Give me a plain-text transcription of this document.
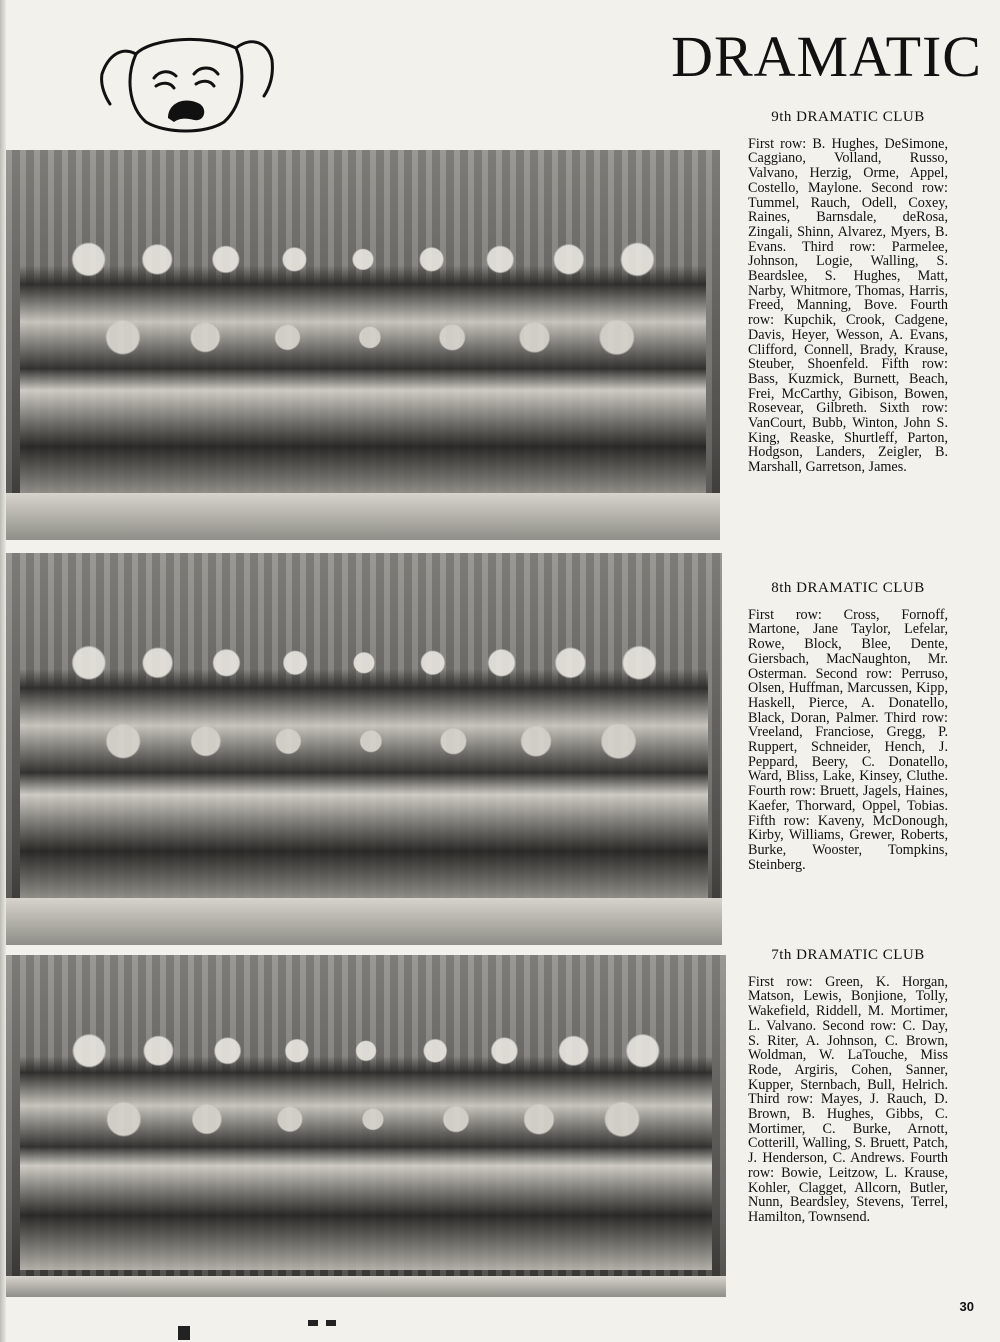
DRAMATIC
9th DRAMATIC CLUB
First row: B. Hughes, DeSimone, Caggiano, Volland, Russo, Valvano, Herzig, Orme, Appel, Costello, Maylone. Second row: Tummel, Rauch, Odell, Coxey, Raines, Barnsdale, deRosa, Zingali, Shinn, Alvarez, Myers, B. Evans. Third row: Parmelee, Johnson, Logie, Walling, S. Beardslee, S. Hughes, Matt, Narby, Whitmore, Thomas, Harris, Freed, Manning, Bove. Fourth row: Kupchik, Crook, Cadgene, Davis, Heyer, Wesson, A. Evans, Clifford, Connell, Brady, Krause, Steuber, Shoenfeld. Fifth row: Bass, Kuzmick, Burnett, Beach, Frei, McCarthy, Gibison, Bowen, Rosevear, Gilbreth. Sixth row: VanCourt, Bubb, Winton, John S. King, Reaske, Shurtleff, Parton, Hodgson, Landers, Zeigler, B. Marshall, Garretson, James.
8th DRAMATIC CLUB
First row: Cross, Fornoff, Martone, Jane Taylor, Lefelar, Rowe, Block, Blee, Dente, Giersbach, MacNaughton, Mr. Osterman. Second row: Perruso, Olsen, Huffman, Marcussen, Kipp, Haskell, Pierce, A. Donatello, Black, Doran, Palmer. Third row: Vreeland, Franciose, Gregg, P. Ruppert, Schneider, Hench, J. Peppard, Beery, C. Donatello, Ward, Bliss, Lake, Kinsey, Cluthe. Fourth row: Bruett, Jagels, Haines, Kaefer, Thorward, Oppel, Tobias. Fifth row: Kaveny, McDonough, Kirby, Williams, Grewer, Roberts, Burke, Wooster, Tompkins, Steinberg.
7th DRAMATIC CLUB
First row: Green, K. Horgan, Matson, Lewis, Bonjione, Tolly, Wakefield, Riddell, M. Mortimer, L. Valvano. Second row: C. Day, S. Riter, A. Johnson, C. Brown, Woldman, W. LaTouche, Miss Rode, Argiris, Cohen, Sanner, Kupper, Sternbach, Bull, Helrich. Third row: Mayes, J. Rauch, D. Brown, B. Hughes, Gibbs, C. Mortimer, C. Burke, Arnott, Cotterill, Walling, S. Bruett, Patch, J. Henderson, C. Andrews. Fourth row: Bowie, Leitzow, L. Krause, Kohler, Clagget, Allcorn, Butler, Nunn, Beardsley, Stevens, Terrel, Hamilton, Townsend.
30
